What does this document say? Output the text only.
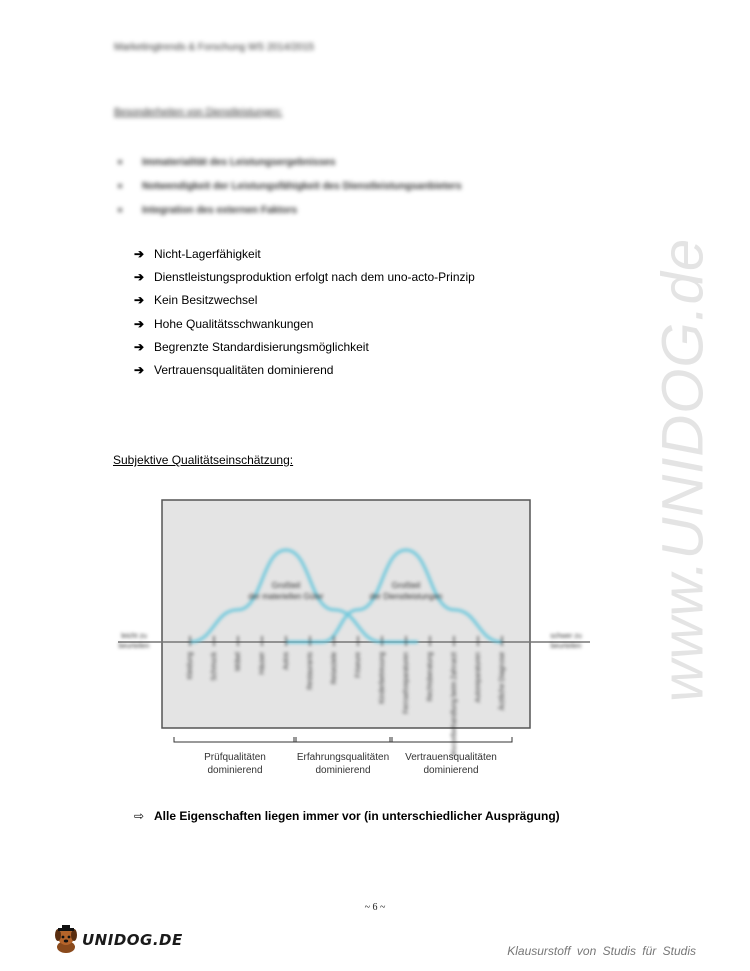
Marketingtrends & Forschung WS 2014/2015
Besonderheiten von Dienstleistungen:
Immaterialität des Leistungsergebnisses
Notwendigkeit der Leistungsfähigkeit des Dienstleistungsanbieters
Integration des externen Faktors
➔ Nicht-Lagerfähigkeit
➔ Dienstleistungsproduktion erfolgt nach dem uno-acto-Prinzip
➔ Kein Besitzwechsel
➔ Hohe Qualitätsschwankungen
➔ Begrenzte Standardisierungsmöglichkeit
➔ Vertrauensqualitäten dominierend
Subjektive Qualitätseinschätzung:
Großteil
der materiellen Güter
Großteil
der Dienstleistungen
Kleidung Schmuck Möbel Häuser Autos Restaurants Reiseziele Friseure Kinderbetreuung Fernsehreparaturen Rechtsberatung Wurzelbehandlung beim Zahnarzt Autoreparaturen Ärztliche Diagnose
leicht zu
beurteilen
schwer zu
beurteilen
Prüfqualitäten
dominierend
Erfahrungsqualitäten
dominierend
Vertrauensqualitäten
dominierend
⇨ Alle Eigenschaften liegen immer vor (in unterschiedlicher Ausprägung)
~ 6 ~
www.UNIDOG.de
UNIDOG.DE
Klausurstoff von Studis für Studis
